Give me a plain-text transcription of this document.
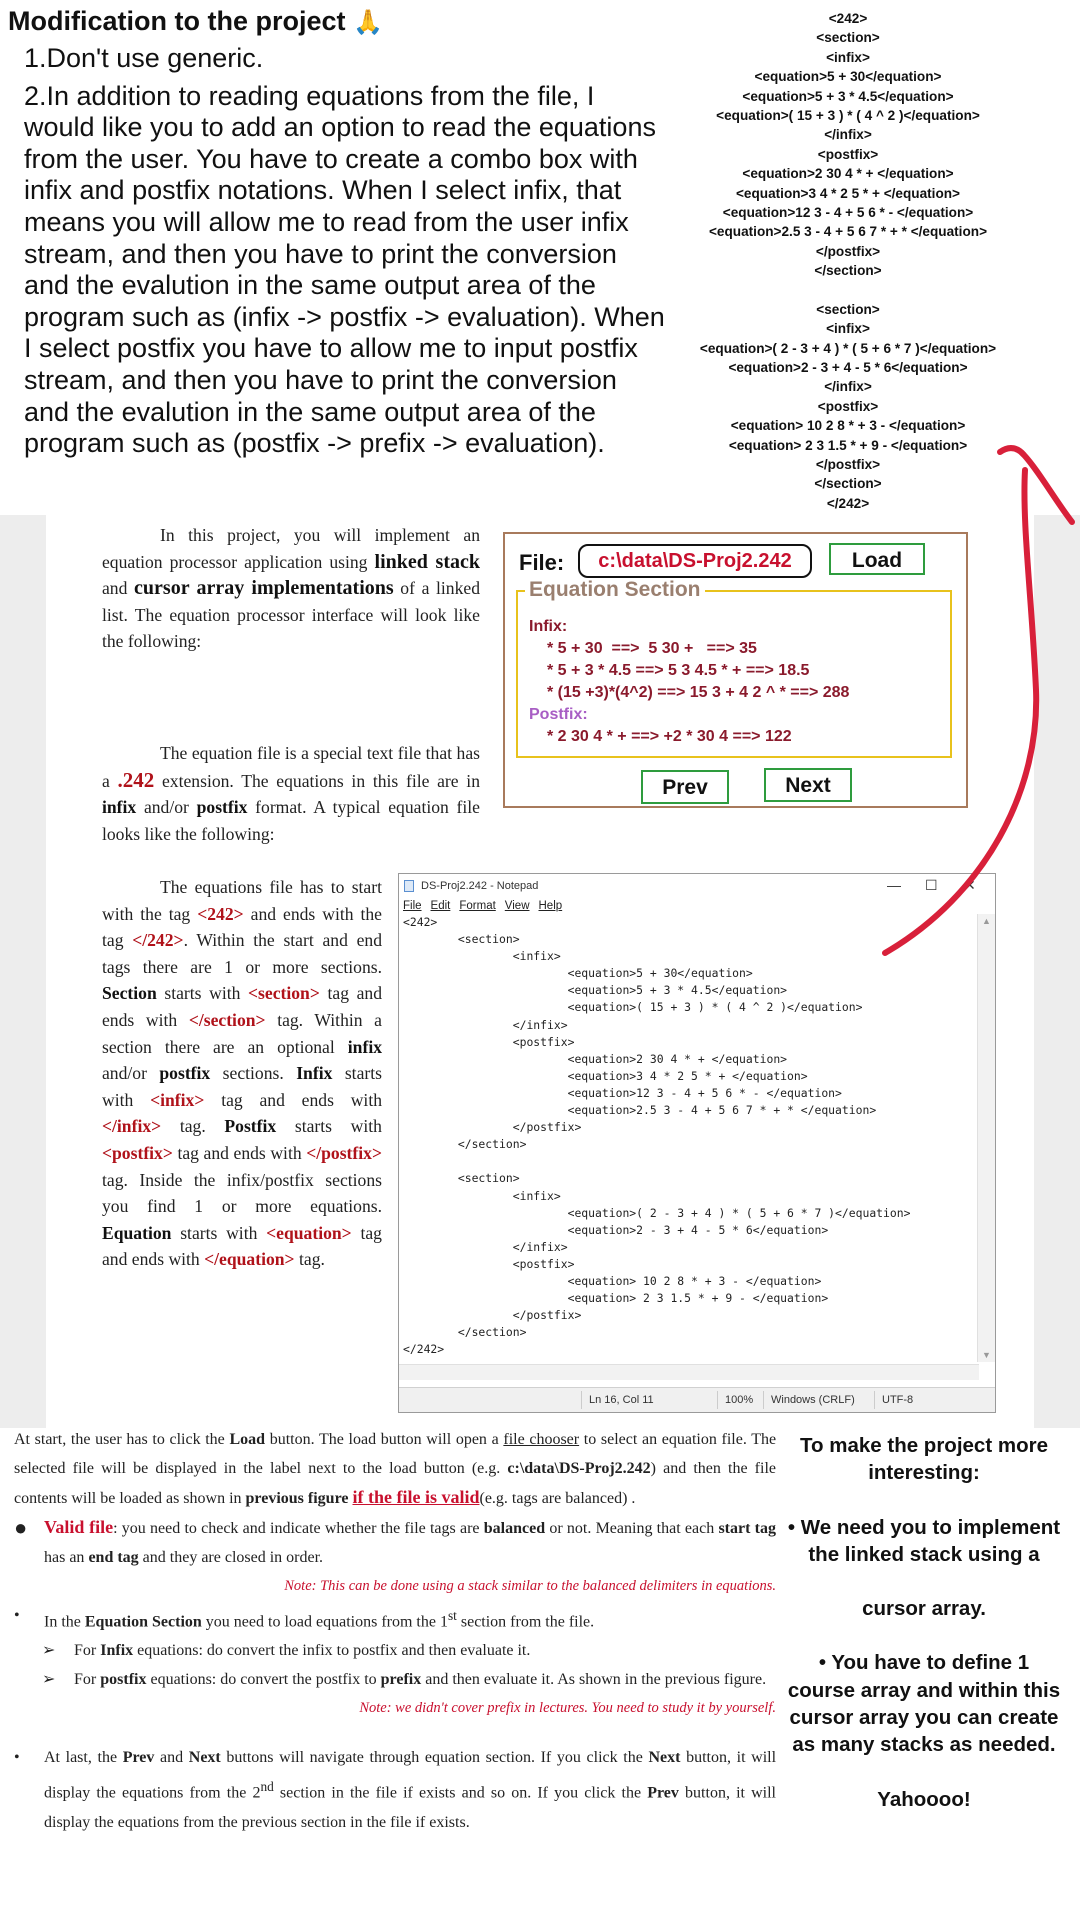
Modification to the project 🙏

1.Don't use generic.

2.In addition to reading equations from the file, I would like you to add an option to read the equations from the user. You have to create a combo box with infix and postfix notations. When I select infix, that means you will allow me to read from the user infix stream, and then you have to print the conversion and the evalution in the same output area of the program such as (infix -> postfix -> evaluation). When I select postfix you have to allow me to input postfix stream, and then you have to print the conversion and the evalution in the same output area of the program such as (postfix -> prefix -> evaluation).

<242>
<section>
<infix>
<equation>5 + 30</equation>
<equation>5 + 3 * 4.5</equation>
<equation>( 15 + 3 ) * ( 4 ^ 2 )</equation>
</infix>
<postfix>
<equation>2 30 4 * + </equation>
<equation>3 4 * 2 5 * + </equation>
<equation>12 3 - 4 + 5 6 * - </equation>
<equation>2.5 3 - 4 + 5 6 7 * + * </equation>
</postfix>
</section>
<section>
<infix>
<equation>( 2 - 3 + 4 ) * ( 5 + 6 * 7 )</equation>
<equation>2 - 3 + 4 - 5 * 6</equation>
</infix>
<postfix>
<equation> 10 2 8 * + 3 - </equation>
<equation> 2 3 1.5 * + 9 - </equation>
</postfix>
</section>
</242>

In this project, you will implement an equation processor application using linked stack and cursor array implementations of a linked list. The equation processor interface will look like the following:

The equation file is a special text file that has a .242 extension. The equations in this file are in infix and/or postfix format. A typical equation file looks like the following:

The equations file has to start with the tag <242> and ends with the tag </242>. Within the start and end tags there are 1 or more sections. Section starts with <section> tag and ends with </section> tag. Within a section there are an optional infix and/or postfix sections. Infix starts with <infix> tag and ends with </infix> tag. Postfix starts with <postfix> tag and ends with </postfix> tag. Inside the infix/postfix sections you find 1 or more equations. Equation starts with <equation> tag and ends with </equation> tag.

File:	c:\data\DS-Proj2.242	Load
Equation Section
Infix:
* 5 + 30  ==>  5 30 +   ==> 35
* 5 + 3 * 4.5 ==> 5 3 4.5 * + ==> 18.5
* (15 +3)*(4^2) ==> 15 3 + 4 2 ^ * ==> 288
Postfix:
* 2 30 4 * + ==> +2 * 30 4 ==> 122
Prev	Next
DS-Proj2.242 - Notepad	— ☐ ✕
File Edit Format View Help
<242>
<section>
<infix>
<equation>5 + 30</equation>
<equation>5 + 3 * 4.5</equation>
<equation>( 15 + 3 ) * ( 4 ^ 2 )</equation>
</infix>
<postfix>
<equation>2 30 4 * + </equation>
<equation>3 4 * 2 5 * + </equation>
<equation>12 3 - 4 + 5 6 * - </equation>
<equation>2.5 3 - 4 + 5 6 7 * + * </equation>
</postfix>
</section>
<section>
<infix>
<equation>( 2 - 3 + 4 ) * ( 5 + 6 * 7 )</equation>
<equation>2 - 3 + 4 - 5 * 6</equation>
</infix>
<postfix>
<equation> 10 2 8 * + 3 - </equation>
<equation> 2 3 1.5 * + 9 - </equation>
</postfix>
</section>
</242>
▲
▼
Ln 16, Col 11	100% Windows (CRLF) UTF-8

At start, the user has to click the Load button. The load button will open a file chooser to select an equation file. The selected file will be displayed in the label next to the load button (e.g. c:\data\DS-Proj2.242) and then the file contents will be loaded as shown in previous figure if the file is valid(e.g. tags are balanced) .

● Valid file: you need to check and indicate whether the file tags are balanced or not. Meaning that each start tag has an end tag and they are closed in order.

Note: This can be done using a stack similar to the balanced delimiters in equations.

• In the Equation Section you need to load equations from the 1st section from the file.

➢ For Infix equations: do convert the infix to postfix and then evaluate it.

➢ For postfix equations: do convert the postfix to prefix and then evaluate it. As shown in the previous figure.

Note: we didn't cover prefix in lectures. You need to study it by yourself.

• At last, the Prev and Next buttons will navigate through equation section. If you click the Next button, it will display the equations from the 2nd section in the file if exists and so on. If you click the Prev button, it will display the equations from the previous section in the file if exists.

To make the project more interesting:

• We need you to implement the linked stack using a

cursor array.

• You have to define 1 course array and within this cursor array you can create as many stacks as needed.

Yahoooo!
